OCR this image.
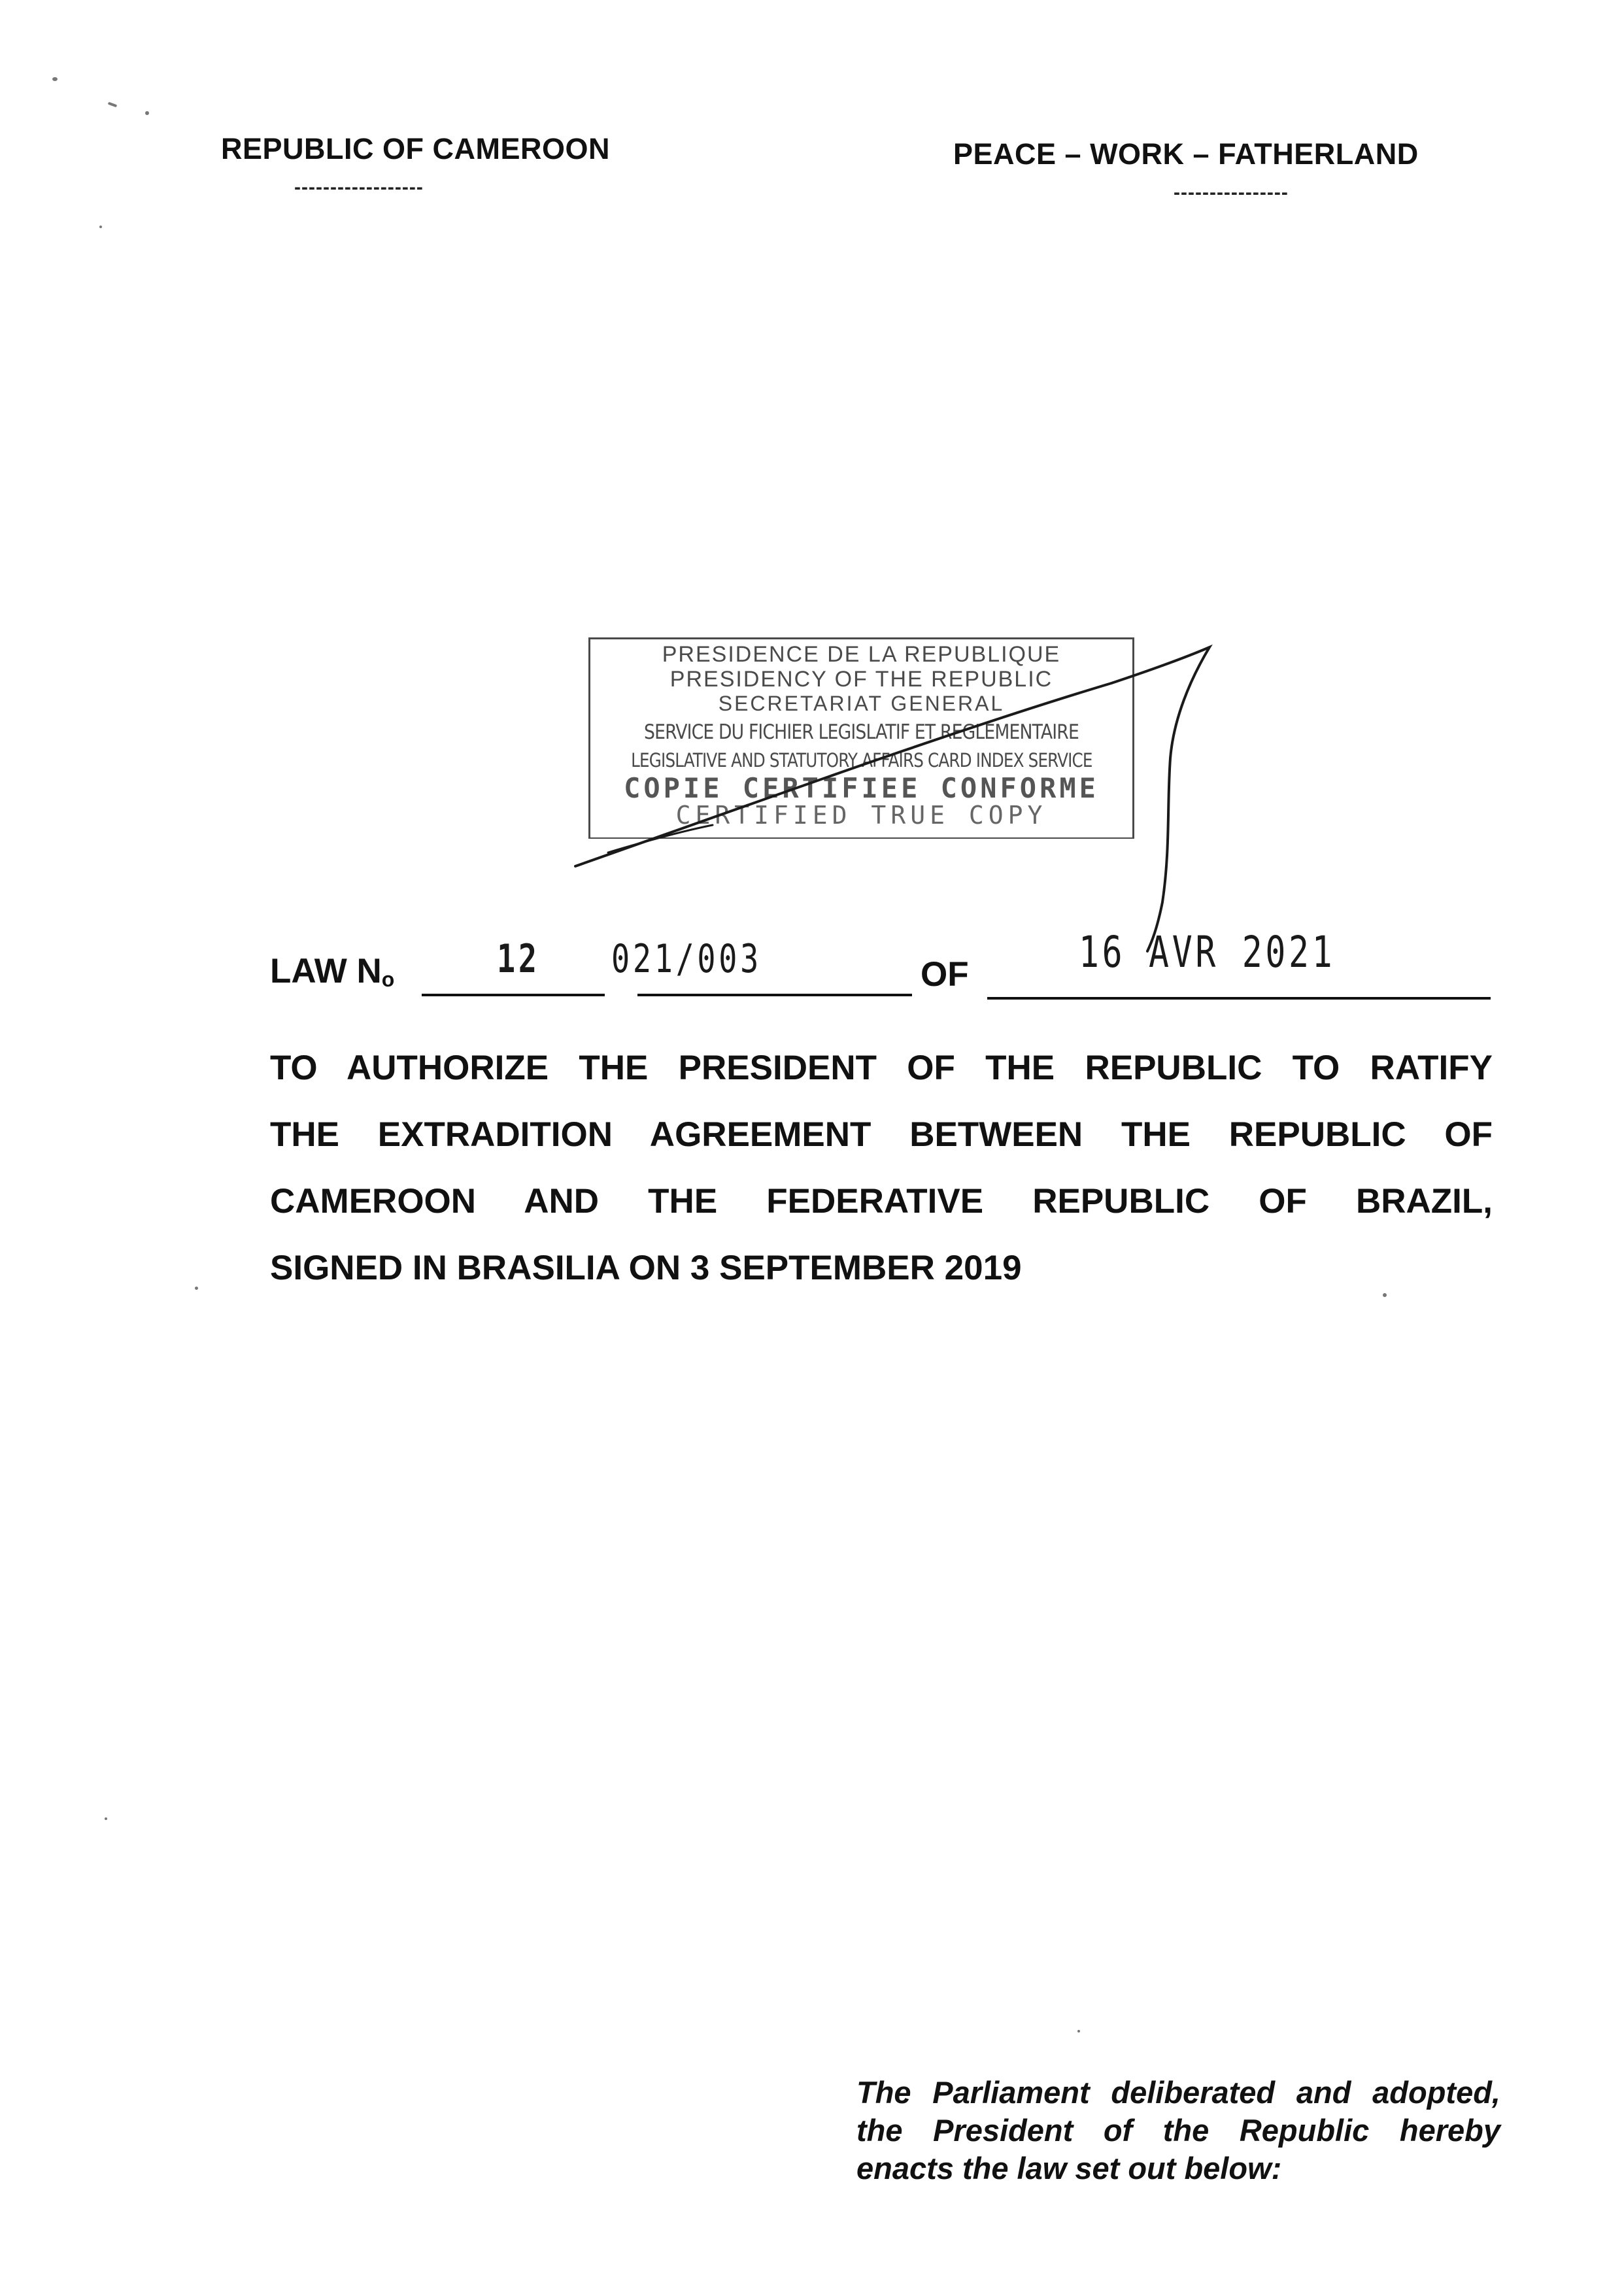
REPUBLIC OF CAMEROON
------------------
PEACE – WORK – FATHERLAND
----------------
PRESIDENCE DE LA REPUBLIQUE
PRESIDENCY OF THE REPUBLIC
SECRETARIAT GENERAL
SERVICE DU FICHIER LEGISLATIF ET REGLEMENTAIRE
LEGISLATIVE AND STATUTORY AFFAIRS CARD INDEX SERVICE
COPIE CERTIFIEE CONFORME
CERTIFIED TRUE COPY
LAW $N_o$	12 021/003	OF	16 AVR 2021
TO AUTHORIZE THE PRESIDENT OF THE REPUBLIC TO RATIFY
THE EXTRADITION AGREEMENT BETWEEN THE REPUBLIC OF
CAMEROON AND THE FEDERATIVE REPUBLIC OF BRAZIL,
SIGNED IN BRASILIA ON 3 SEPTEMBER 2019
The Parliament deliberated and adopted,
the President of the Republic hereby
enacts the law set out below:
